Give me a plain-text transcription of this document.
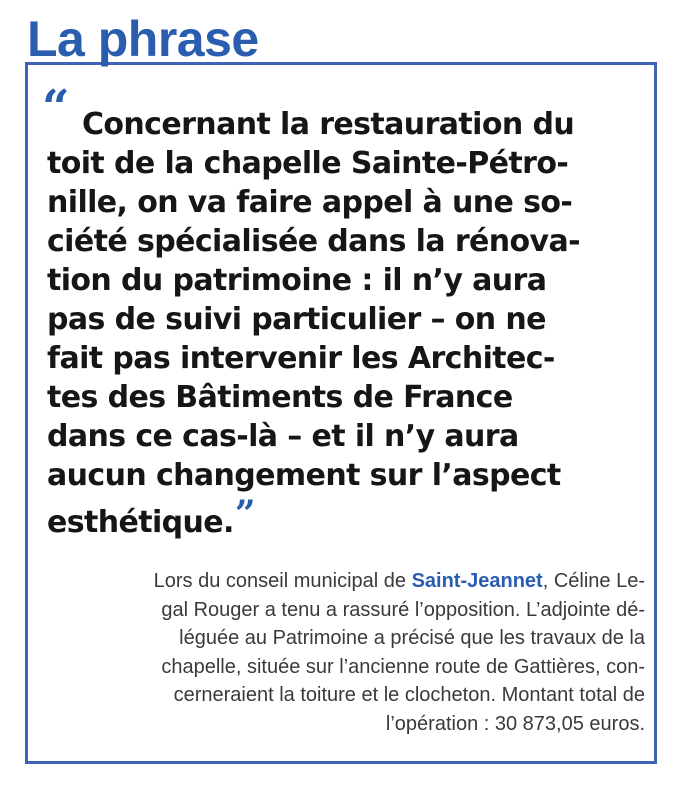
La phrase
“ Concernant la restauration du
toit de la chapelle Sainte-Pétro-
nille, on va faire appel à une so-
ciété spécialisée dans la rénova-
tion du patrimoine : il n’y aura
pas de suivi particulier – on ne
fait pas intervenir les Architec-
tes des Bâtiments de France
dans ce cas-là – et il n’y aura
aucun changement sur l’aspect
esthétique.”

Lors du conseil municipal de Saint-Jeannet, Céline Le-
gal Rouger a tenu a rassuré l’opposition. L’adjointe dé-
léguée au Patrimoine a précisé que les travaux de la
chapelle, située sur l’ancienne route de Gattières, con-
cerneraient la toiture et le clocheton. Montant total de
l’opération : 30 873,05 euros.
